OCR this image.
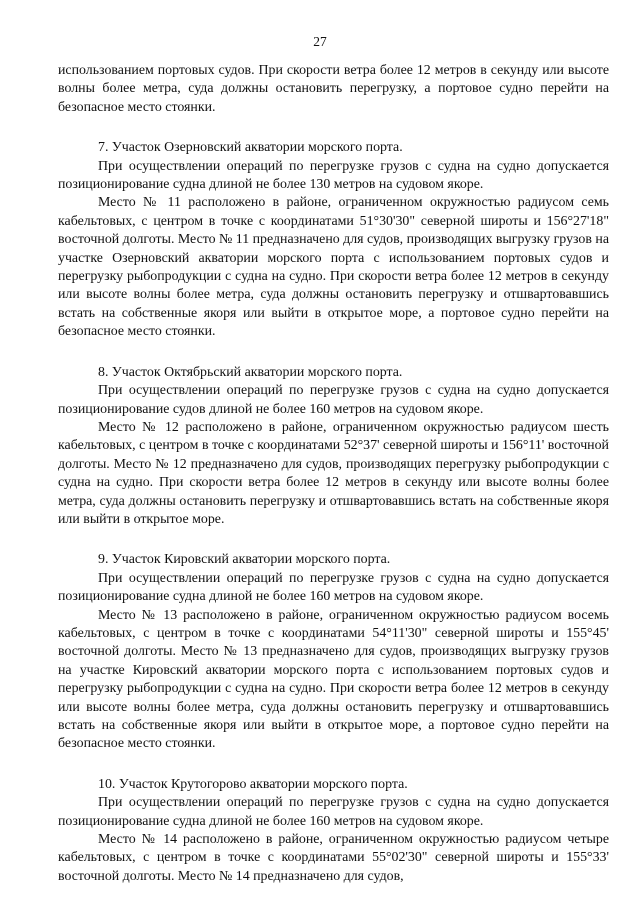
27

использованием портовых судов. При скорости ветра более 12 метров в секунду или высоте волны более метра, суда должны остановить перегрузку, а портовое судно перейти на безопасное место стоянки.

7. Участок Озерновский акватории морского порта.

При осуществлении операций по перегрузке грузов с судна на судно допускается позиционирование судна длиной не более 130 метров на судовом якоре.

Место № 11 расположено в районе, ограниченном окружностью радиусом семь кабельтовых, с центром в точке с координатами 51°30'30" северной широты и 156°27'18" восточной долготы. Место № 11 предназначено для судов, производящих выгрузку грузов на участке Озерновский акватории морского порта с использованием портовых судов и перегрузку рыбопродукции с судна на судно. При скорости ветра более 12 метров в секунду или высоте волны более метра, суда должны остановить перегрузку и отшвартовавшись встать на собственные якоря или выйти в открытое море, а портовое судно перейти на безопасное место стоянки.

8. Участок Октябрьский акватории морского порта.

При осуществлении операций по перегрузке грузов с судна на судно допускается позиционирование судов длиной не более 160 метров на судовом якоре.

Место № 12 расположено в районе, ограниченном окружностью радиусом шесть кабельтовых, с центром в точке с координатами 52°37' северной широты и 156°11' восточной долготы. Место № 12 предназначено для судов, производящих перегрузку рыбопродукции с судна на судно. При скорости ветра более 12 метров в секунду или высоте волны более метра, суда должны остановить перегрузку и отшвартовавшись встать на собственные якоря или выйти в открытое море.

9. Участок Кировский акватории морского порта.

При осуществлении операций по перегрузке грузов с судна на судно допускается позиционирование судна длиной не более 160 метров на судовом якоре.

Место № 13 расположено в районе, ограниченном окружностью радиусом восемь кабельтовых, с центром в точке с координатами 54°11'30" северной широты и 155°45' восточной долготы. Место № 13 предназначено для судов, производящих выгрузку грузов на участке Кировский акватории морского порта с использованием портовых судов и перегрузку рыбопродукции с судна на судно. При скорости ветра более 12 метров в секунду или высоте волны более метра, суда должны остановить перегрузку и отшвартовавшись встать на собственные якоря или выйти в открытое море, а портовое судно перейти на безопасное место стоянки.

10. Участок Крутогорово акватории морского порта.

При осуществлении операций по перегрузке грузов с судна на судно допускается позиционирование судна длиной не более 160 метров на судовом якоре.

Место № 14 расположено в районе, ограниченном окружностью радиусом четыре кабельтовых, с центром в точке с координатами 55°02'30" северной широты и 155°33' восточной долготы. Место № 14 предназначено для судов,
